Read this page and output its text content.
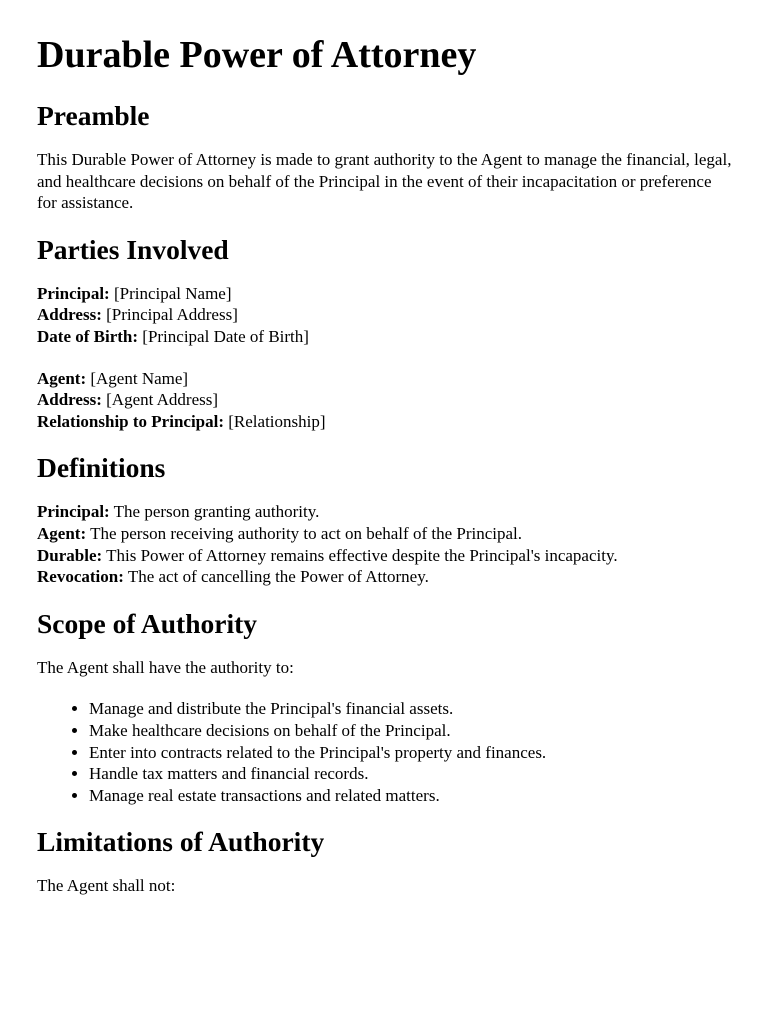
Durable Power of Attorney
Preamble

This Durable Power of Attorney is made to grant authority to the Agent to manage the financial, legal, and healthcare decisions on behalf of the Principal in the event of their incapacitation or preference for assistance.

Parties Involved
Principal: [Principal Name]
Address: [Principal Address]
Date of Birth: [Principal Date of Birth]
Agent: [Agent Name]
Address: [Agent Address]
Relationship to Principal: [Relationship]
Definitions
Principal: The person granting authority.
Agent: The person receiving authority to act on behalf of the Principal.
Durable: This Power of Attorney remains effective despite the Principal's incapacity.
Revocation: The act of cancelling the Power of Attorney.
Scope of Authority

The Agent shall have the authority to:

• Manage and distribute the Principal's financial assets.
• Make healthcare decisions on behalf of the Principal.
• Enter into contracts related to the Principal's property and finances.
• Handle tax matters and financial records.
• Manage real estate transactions and related matters.
Limitations of Authority

The Agent shall not:
